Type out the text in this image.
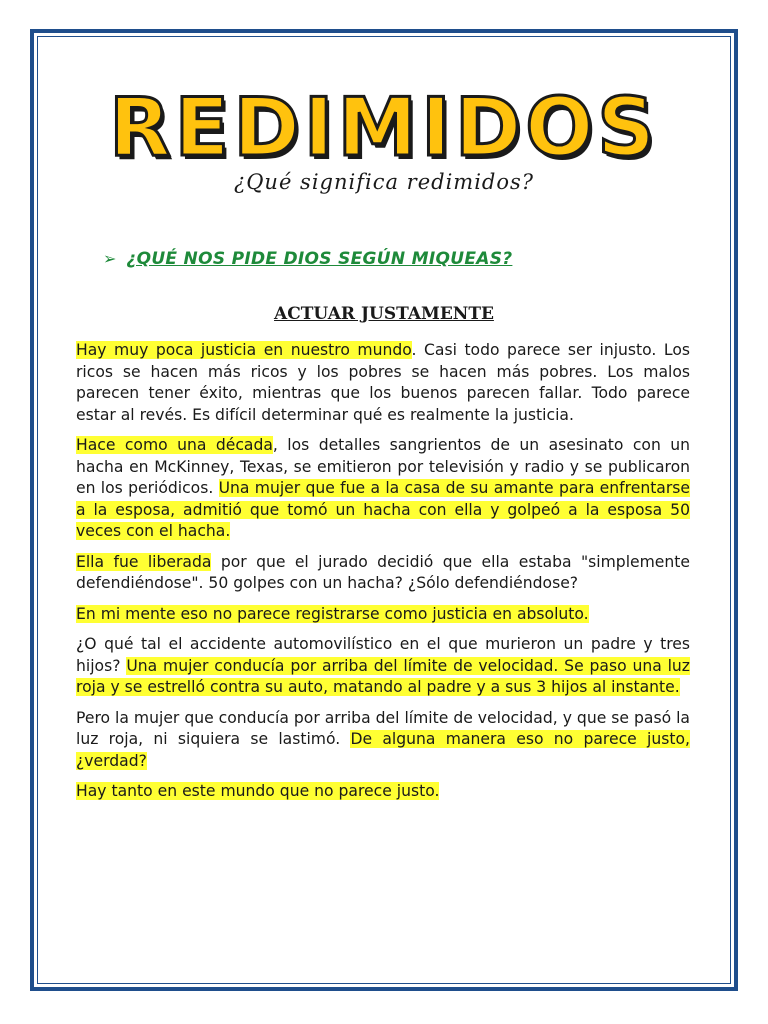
REDIMIDOS
¿Qué significa redimidos?
➢ ¿QUÉ NOS PIDE DIOS SEGÚN MIQUEAS?
ACTUAR JUSTAMENTE

Hay muy poca justicia en nuestro mundo. Casi todo parece ser injusto. Los ricos se hacen más ricos y los pobres se hacen más pobres. Los malos parecen tener éxito, mientras que los buenos parecen fallar. Todo parece estar al revés. Es difícil determinar qué es realmente la justicia.

Hace como una década, los detalles sangrientos de un asesinato con un hacha en McKinney, Texas, se emitieron por televisión y radio y se publicaron en los periódicos. Una mujer que fue a la casa de su amante para enfrentarse a la esposa, admitió que tomó un hacha con ella y golpeó a la esposa 50 veces con el hacha.

Ella fue liberada por que el jurado decidió que ella estaba "simplemente defendiéndose". 50 golpes con un hacha? ¿Sólo defendiéndose?

En mi mente eso no parece registrarse como justicia en absoluto.

¿O qué tal el accidente automovilístico en el que murieron un padre y tres hijos? Una mujer conducía por arriba del límite de velocidad. Se paso una luz roja y se estrelló contra su auto, matando al padre y a sus 3 hijos al instante.

Pero la mujer que conducía por arriba del límite de velocidad, y que se pasó la luz roja, ni siquiera se lastimó. De alguna manera eso no parece justo, ¿verdad?

Hay tanto en este mundo que no parece justo.
